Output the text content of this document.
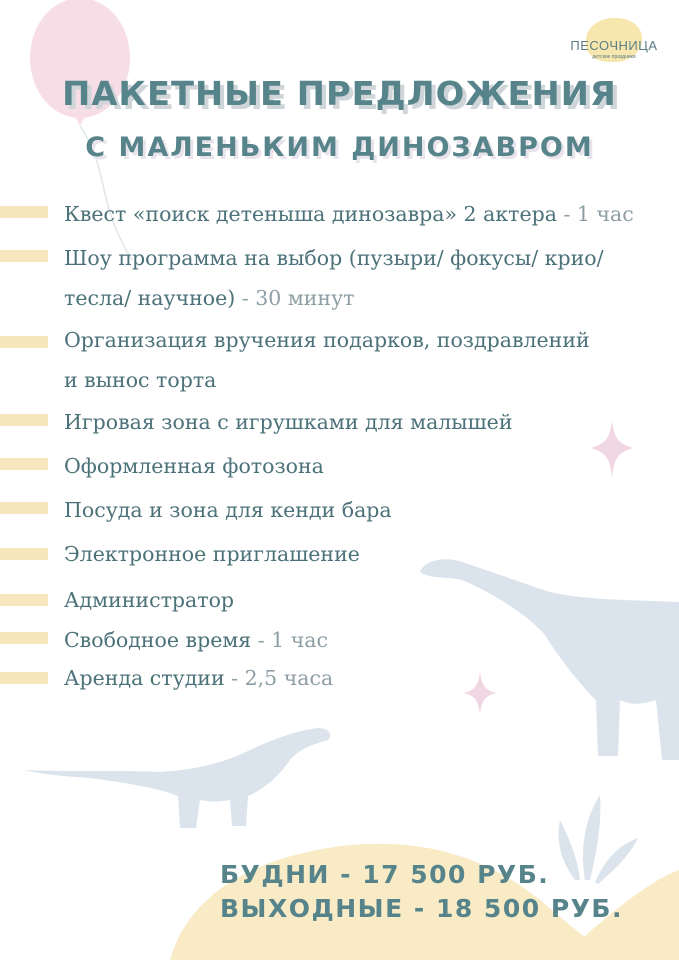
ПЕСОЧНИЦА
детские праздники
ПАКЕТНЫЕ ПРЕДЛОЖЕНИЯ
С МАЛЕНЬКИМ ДИНОЗАВРОМ
Квест «поиск детеныша динозавра» 2 актера - 1 час
Шоу программа на выбор (пузыри/ фокусы/ крио/
тесла/ научное) - 30 минут
Организация вручения подарков, поздравлений
и вынос торта
Игровая зона с игрушками для малышей
Оформленная фотозона
Посуда и зона для кенди бара
Электронное приглашение
Администратор
Свободное время - 1 час
Аренда студии - 2,5 часа
БУДНИ - 17 500 РУБ.
ВЫХОДНЫЕ - 18 500 РУБ.
